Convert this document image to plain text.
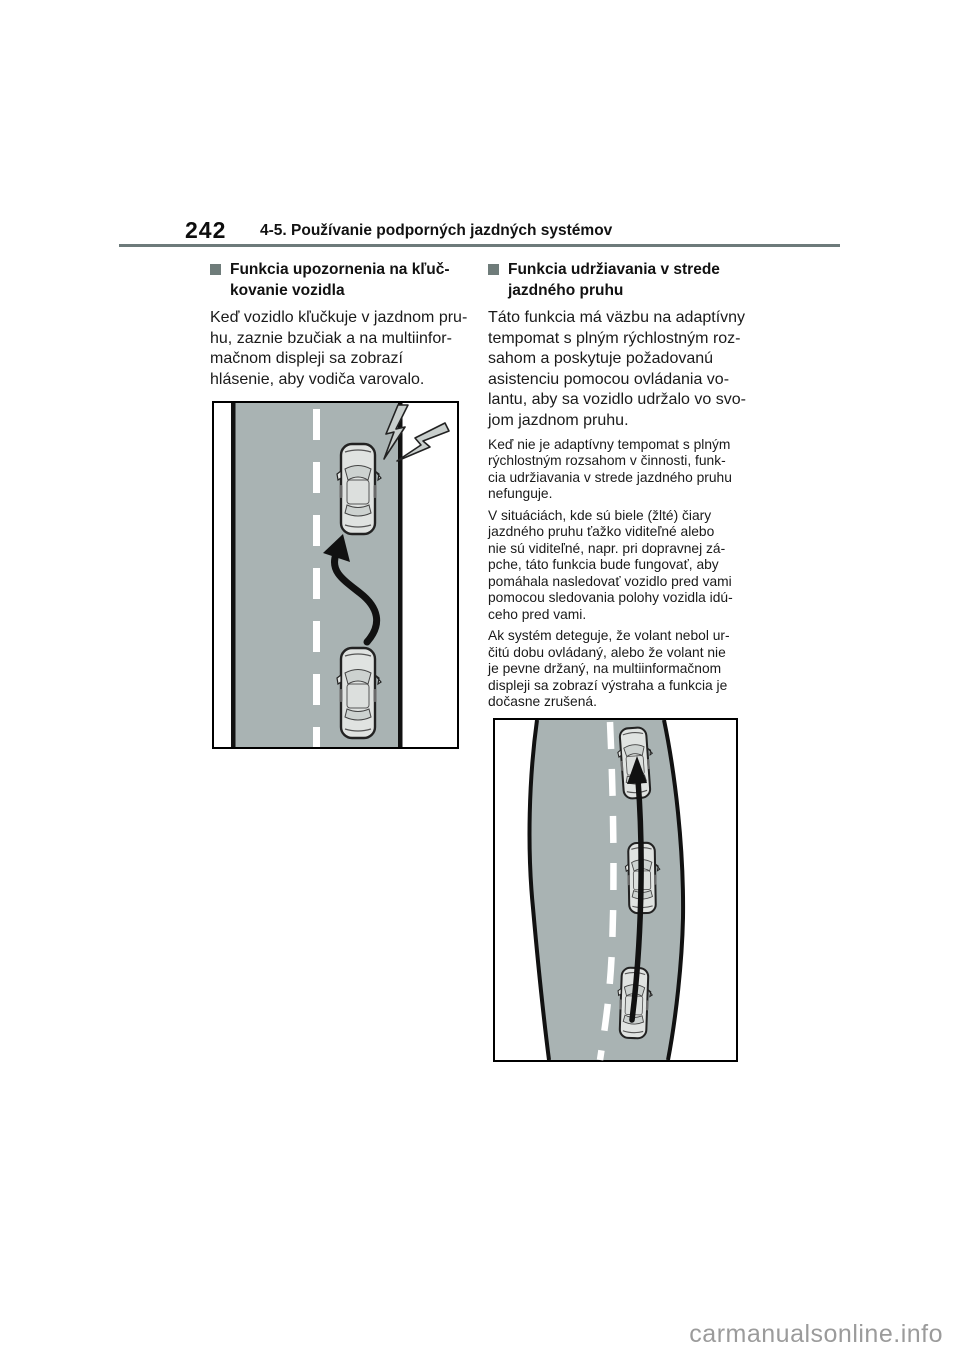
242 4-5. Používanie podporných jazdných systémov
Funkcia upozornenia na kľuč-
kovanie vozidla
Keď vozidlo kľučkuje v jazdnom pru-
hu, zaznie bzučiak a na multiinfor-
mačnom displeji sa zobrazí
hlásenie, aby vodiča varovalo.
Funkcia udržiavania v strede
jazdného pruhu
Táto funkcia má väzbu na adaptívny
tempomat s plným rýchlostným roz-
sahom a poskytuje požadovanú
asistenciu pomocou ovládania vo-
lantu, aby sa vozidlo udržalo vo svo-
jom jazdnom pruhu.
Keď nie je adaptívny tempomat s plným
rýchlostným rozsahom v činnosti, funk-
cia udržiavania v strede jazdného pruhu
nefunguje.
V situáciách, kde sú biele (žlté) čiary
jazdného pruhu ťažko viditeľné alebo
nie sú viditeľné, napr. pri dopravnej zá-
pche, táto funkcia bude fungovať, aby
pomáhala nasledovať vozidlo pred vami
pomocou sledovania polohy vozidla idú-
ceho pred vami.
Ak systém deteguje, že volant nebol ur-
čitú dobu ovládaný, alebo že volant nie
je pevne držaný, na multiinformačnom
displeji sa zobrazí výstraha a funkcia je
dočasne zrušená.
carmanualsonline.info
